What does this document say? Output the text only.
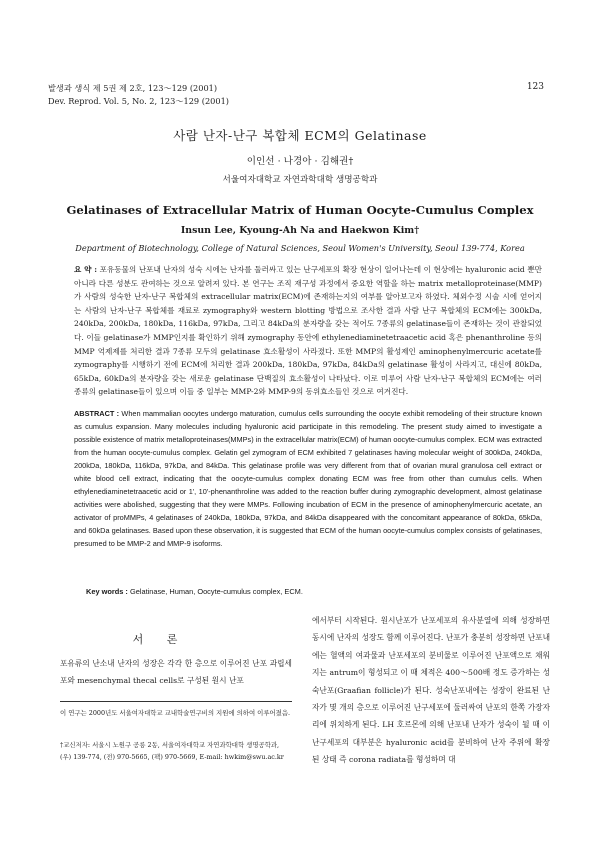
발생과 생식 제 5권 제 2호, 123～129 (2001)
Dev. Reprod. Vol. 5, No. 2, 123～129 (2001)
123
사람 난자-난구 복합체 ECM의 Gelatinase
이인선 · 나경아 · 김해권†
서울여자대학교 자연과학대학 생명공학과
Gelatinases of Extracellular Matrix of Human Oocyte-Cumulus Complex
Insun Lee, Kyoung-Ah Na and Haekwon Kim†
Department of Biotechnology, College of Natural Sciences, Seoul Women's University, Seoul 139-774, Korea
요 약 : 포유동물의 난포내 난자의 성숙 시에는 난자를 둘러싸고 있는 난구세포의 확장 현상이 일어나는데 이 현상에는 hyaluronic acid 뿐만 아니라 다른 성분도 관여하는 것으로 알려져 있다. 본 연구는 조직 재구성 과정에서 중요한 역할을 하는 matrix metalloproteinase(MMP)가 사람의 성숙한 난자-난구 복합체의 extracellular matrix(ECM)에 존재하는지의 여부를 알아보고자 하였다. 체외수정 시술 시에 얻어지는 사람의 난자-난구 복합체를 재료로 zymography와 western blotting 방법으로 조사한 결과 사람 난구 복합체의 ECM에는 300kDa, 240kDa, 200kDa, 180kDa, 116kDa, 97kDa, 그리고 84kDa의 분자량을 갖는 적어도 7종류의 gelatinase들이 존재하는 것이 관찰되었다. 이들 gelatinase가 MMP인지를 확인하기 위해 zymography 동안에 ethylenediaminetetraacetic acid 혹은 phenanthroline 등의 MMP 억제제를 처리한 결과 7종류 모두의 gelatinase 효소활성이 사라졌다. 또한 MMP의 활성제인 aminophenylmercuric acetate를 zymography를 시행하기 전에 ECM에 처리한 결과 200kDa, 180kDa, 97kDa, 84kDa의 gelatinase 활성이 사라지고, 대신에 80kDa, 65kDa, 60kDa의 분자량을 갖는 새로운 gelatinase 단백질의 효소활성이 나타났다. 이로 미루어 사람 난자-난구 복합체의 ECM에는 여러 종류의 gelatinase들이 있으며 이들 중 일부는 MMP-2와 MMP-9의 동위효소들인 것으로 여겨진다.
ABSTRACT : When mammalian oocytes undergo maturation, cumulus cells surrounding the oocyte exhibit remodeling of their structure known as cumulus expansion. Many molecules including hyaluronic acid participate in this remodeling. The present study aimed to investigate a possible existence of matrix metalloproteinases(MMPs) in the extracellular matrix(ECM) of human oocyte-cumulus complex. ECM was extracted from the human oocyte-cumulus complex. Gelatin gel zymogram of ECM exhibited 7 gelatinases having molecular weight of 300kDa, 240kDa, 200kDa, 180kDa, 116kDa, 97kDa, and 84kDa. This gelatinase profile was very different from that of ovarian mural granulosa cell extract or white blood cell extract, indicating that the oocyte-cumulus complex donating ECM was free from other than cumulus cells. When ethylenediaminetetraacetic acid or 1', 10'-phenanthroline was added to the reaction buffer during zymographic development, almost gelatinase activities were abolished, suggesting that they were MMPs. Following incubation of ECM in the presence of aminophenylmercuric acetate, an activator of proMMPs, 4 gelatinases of 240kDa, 180kDa, 97kDa, and 84kDa disappeared with the concomitant appearance of 80kDa, 65kDa, and 60kDa gelatinases. Based upon these observation, it is suggested that ECM of the human oocyte-cumulus complex consists of gelatinases, presumed to be MMP-2 and MMP-9 isoforms.
Key words : Gelatinase, Human, Oocyte-cumulus complex, ECM.
서 론
포유류의 난소내 난자의 성장은 각각 한 층으로 이루어진 난포 과립세포와 mesenchymal thecal cells로 구성된 원시 난포
이 연구는 2000년도 서울여자대학교 교내학술연구비의 지원에 의하여 이루어졌음.
†교신저자: 서울시 노원구 공릉 2동, 서울여자대학교 자연과학대학 생명공학과, (우) 139-774, (전) 970-5665, (팩) 970-5669, E-mail: hwkim@swu.ac.kr
에서부터 시작된다. 원시난포가 난포세포의 유사분열에 의해 성장하면 동시에 난자의 성장도 함께 이루어진다. 난포가 충분히 성장하면 난포내에는 혈액의 여과물과 난포세포의 분비물로 이루어진 난포액으로 채워지는 antrum이 형성되고 이 때 체적은 400～500배 정도 증가하는 성숙난포(Graafian follicle)가 된다. 성숙난포내에는 성장이 완료된 난자가 몇 개의 층으로 이루어진 난구세포에 둘러싸여 난포의 한쪽 가장자리에 위치하게 된다. LH 호르몬에 의해 난포내 난자가 성숙이 될 때 이 난구세포의 대부분은 hyaluronic acid를 분비하여 난자 주위에 확장된 상태 즉 corona radiata를 형성하며 대
